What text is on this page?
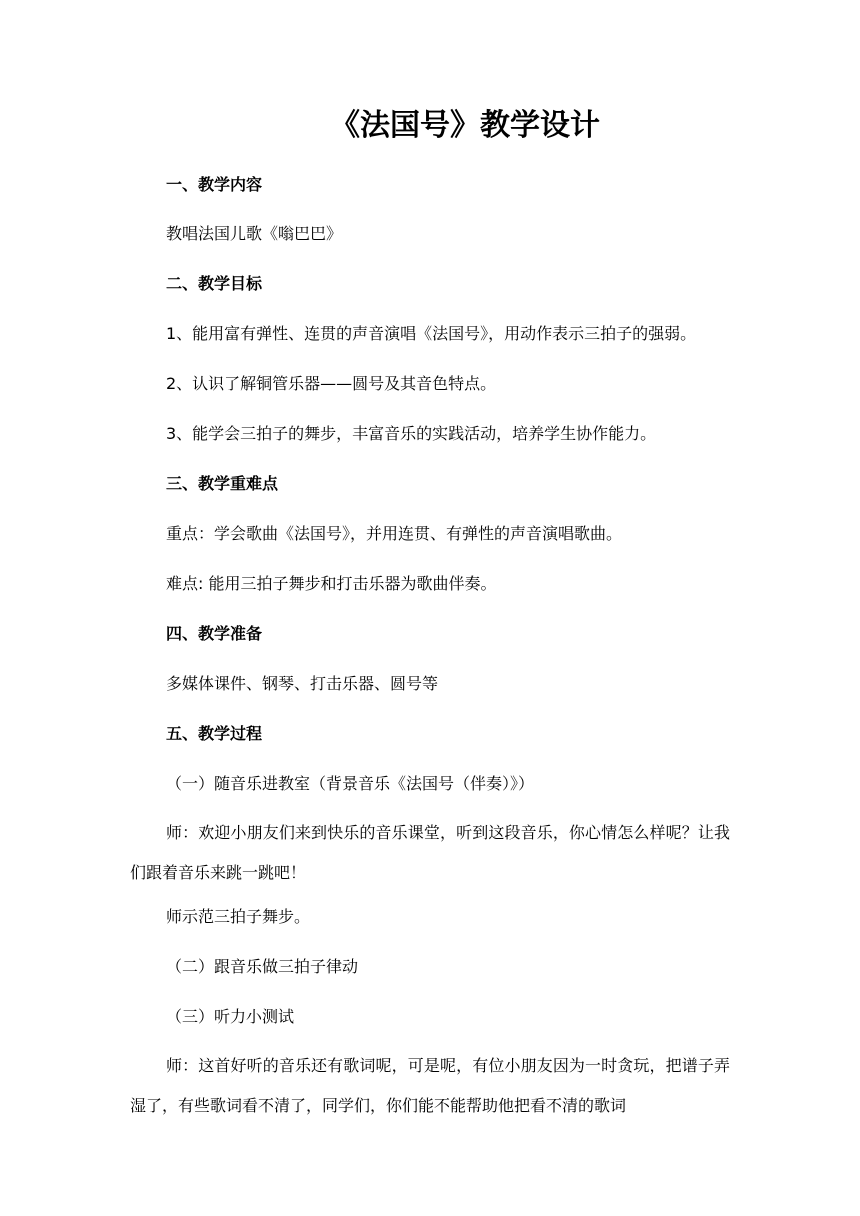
《法国号》教学设计

一、教学内容

教唱法国儿歌《嗡巴巴》

二、教学目标

1、能用富有弹性、连贯的声音演唱《法国号》，用动作表示三拍子的强弱。

2、认识了解铜管乐器——圆号及其音色特点。

3、能学会三拍子的舞步，丰富音乐的实践活动，培养学生协作能力。

三、教学重难点

重点：学会歌曲《法国号》，并用连贯、有弹性的声音演唱歌曲。

难点: 能用三拍子舞步和打击乐器为歌曲伴奏。

四、教学准备

多媒体课件、钢琴、打击乐器、圆号等

五、教学过程

（一）随音乐进教室（背景音乐《法国号（伴奏）》）

师：欢迎小朋友们来到快乐的音乐课堂，听到这段音乐，你心情怎么样呢？让我们跟着音乐来跳一跳吧！

师示范三拍子舞步。

（二）跟音乐做三拍子律动

（三）听力小测试

师：这首好听的音乐还有歌词呢，可是呢，有位小朋友因为一时贪玩，把谱子弄湿了，有些歌词看不清了，同学们，你们能不能帮助他把看不清的歌词
